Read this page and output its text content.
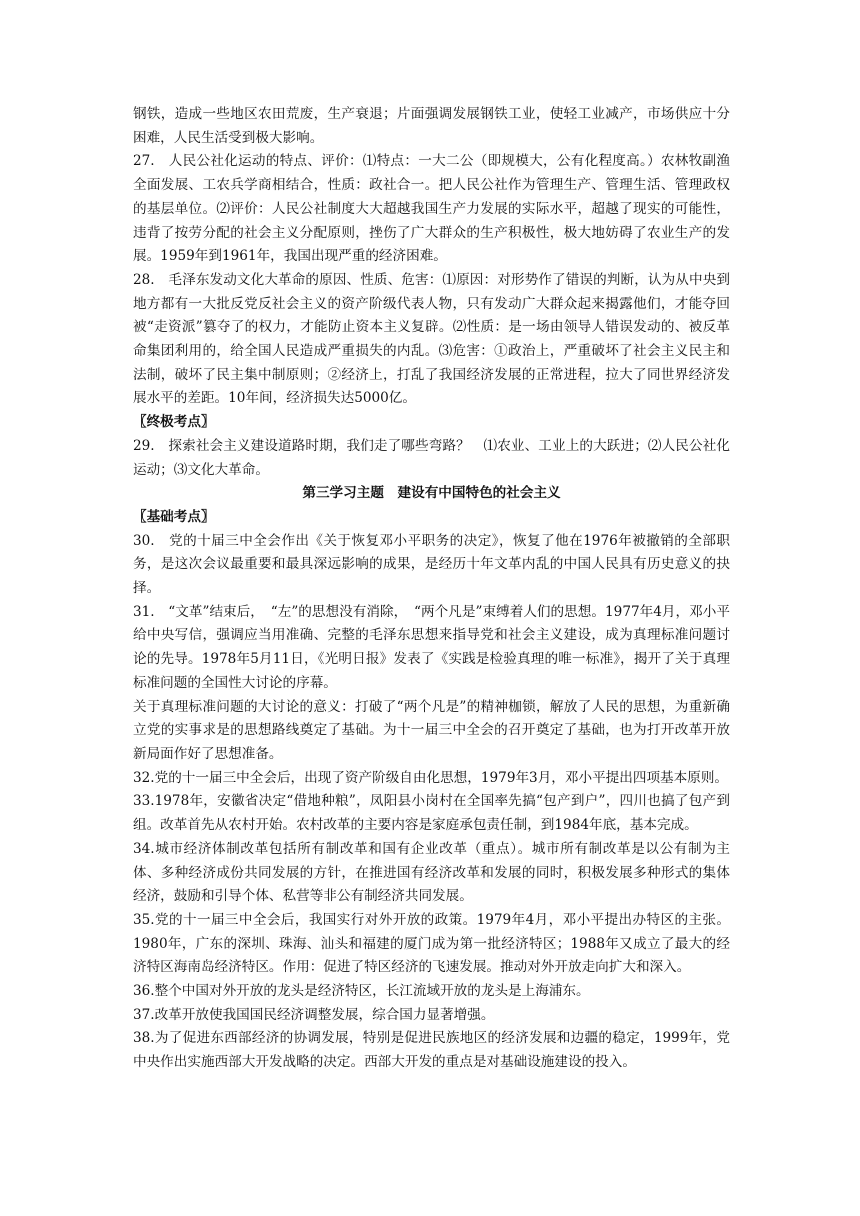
钢铁，造成一些地区农田荒废，生产衰退；片面强调发展钢铁工业，使轻工业减产，市场供应十分困难，人民生活受到极大影响。

27.　人民公社化运动的特点、评价：⑴特点：一大二公（即规模大，公有化程度高。）农林牧副渔全面发展、工农兵学商相结合，性质：政社合一。把人民公社作为管理生产、管理生活、管理政权的基层单位。⑵评价：人民公社制度大大超越我国生产力发展的实际水平，超越了现实的可能性，违背了按劳分配的社会主义分配原则，挫伤了广大群众的生产积极性，极大地妨碍了农业生产的发展。1959年到1961年，我国出现严重的经济困难。

28.　毛泽东发动文化大革命的原因、性质、危害：⑴原因：对形势作了错误的判断，认为从中央到地方都有一大批反党反社会主义的资产阶级代表人物，只有发动广大群众起来揭露他们，才能夺回被“走资派”篡夺了的权力，才能防止资本主义复辟。⑵性质：是一场由领导人错误发动的、被反革命集团利用的，给全国人民造成严重损失的内乱。⑶危害：①政治上，严重破坏了社会主义民主和法制，破坏了民主集中制原则；②经济上，打乱了我国经济发展的正常进程，拉大了同世界经济发展水平的差距。10年间，经济损失达5000亿。

〖终极考点〗

29.　探索社会主义建设道路时期，我们走了哪些弯路？　⑴农业、工业上的大跃进；⑵人民公社化运动；⑶文化大革命。

第三学习主题　建设有中国特色的社会主义

〖基础考点〗

30.　党的十届三中全会作出《关于恢复邓小平职务的决定》，恢复了他在1976年被撤销的全部职务，是这次会议最重要和最具深远影响的成果，是经历十年文革内乱的中国人民具有历史意义的抉择。

31.　“文革”结束后，　“左”的思想没有消除，　“两个凡是”束缚着人们的思想。1977年4月，邓小平给中央写信，强调应当用准确、完整的毛泽东思想来指导党和社会主义建设，成为真理标准问题讨论的先导。1978年5月11日，《光明日报》发表了《实践是检验真理的唯一标准》，揭开了关于真理标准问题的全国性大讨论的序幕。

关于真理标准问题的大讨论的意义：打破了“两个凡是”的精神枷锁，解放了人民的思想，为重新确立党的实事求是的思想路线奠定了基础。为十一届三中全会的召开奠定了基础，也为打开改革开放新局面作好了思想准备。

32.党的十一届三中全会后，出现了资产阶级自由化思想，1979年3月，邓小平提出四项基本原则。

33.1978年，安徽省决定“借地种粮”，凤阳县小岗村在全国率先搞“包产到户”，四川也搞了包产到组。改革首先从农村开始。农村改革的主要内容是家庭承包责任制，到1984年底，基本完成。

34.城市经济体制改革包括所有制改革和国有企业改革（重点）。城市所有制改革是以公有制为主体、多种经济成份共同发展的方针，在推进国有经济改革和发展的同时，积极发展多种形式的集体经济，鼓励和引导个体、私营等非公有制经济共同发展。

35.党的十一届三中全会后，我国实行对外开放的政策。1979年4月，邓小平提出办特区的主张。1980年，广东的深圳、珠海、汕头和福建的厦门成为第一批经济特区；1988年又成立了最大的经济特区海南岛经济特区。作用：促进了特区经济的飞速发展。推动对外开放走向扩大和深入。

36.整个中国对外开放的龙头是经济特区，长江流域开放的龙头是上海浦东。

37.改革开放使我国国民经济调整发展，综合国力显著增强。

38.为了促进东西部经济的协调发展，特别是促进民族地区的经济发展和边疆的稳定，1999年，党中央作出实施西部大开发战略的决定。西部大开发的重点是对基础设施建设的投入。
